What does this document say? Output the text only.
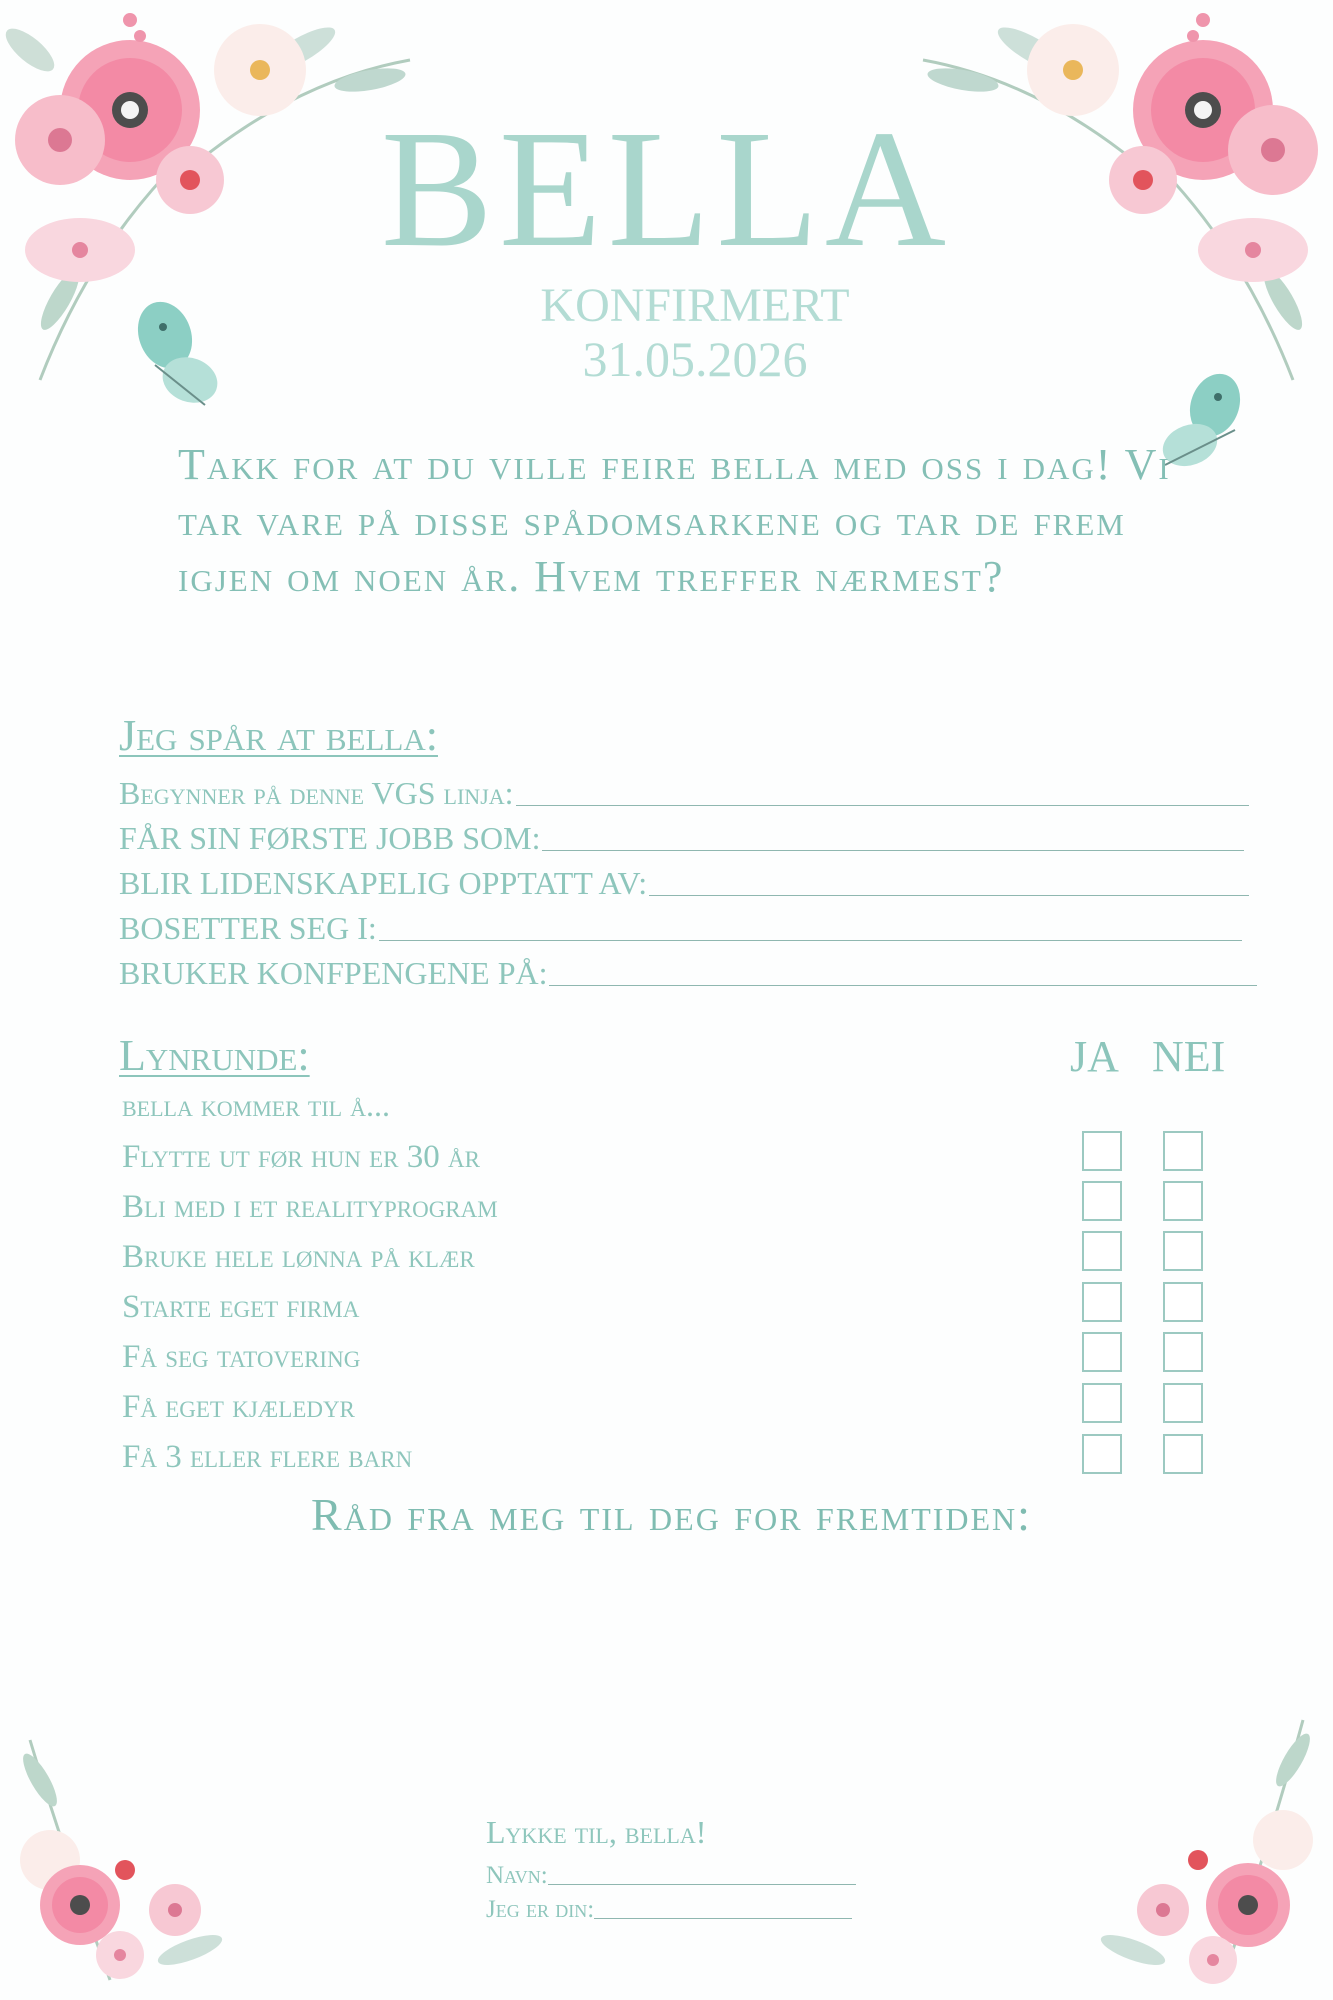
BELLA
KONFIRMERT
31.05.2026
Takk for at du ville feire bella med oss i dag! Vi tar vare på disse spådomsarkene og tar de frem igjen om noen år. Hvem treffer nærmest?
Jeg spår at bella:
Begynner på denne VGS linja:
FÅR SIN FØRSTE JOBB SOM:
BLIR LIDENSKAPELIG OPPTATT AV:
BOSETTER SEG I:
BRUKER KONFPENGENE PÅ:
Lynrunde:	JA NEI
bella kommer til å...
Flytte ut før hun er 30 år
Bli med i et realityprogram
Bruke hele lønna på klær
Starte eget firma
Få seg tatovering
Få eget kjæledyr
Få 3 eller flere barn
Råd fra meg til deg for fremtiden:
Lykke til, bella!
Navn:
Jeg er din:
